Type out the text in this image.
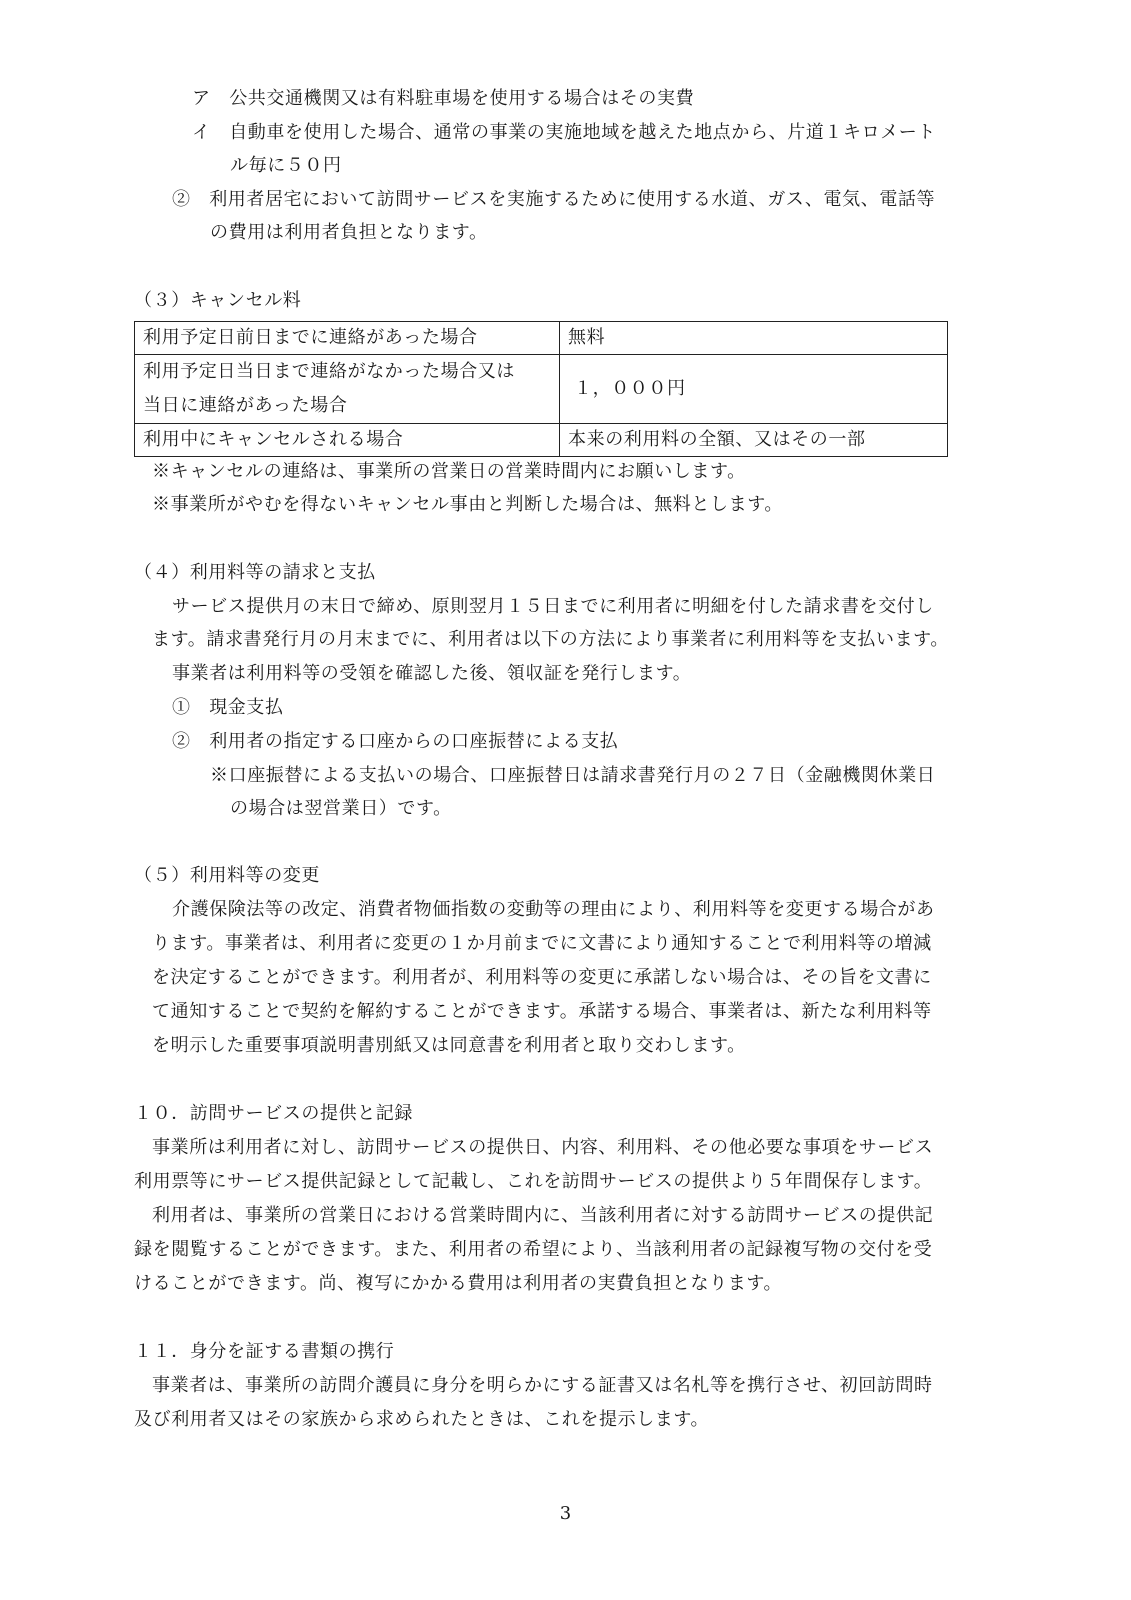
ア　公共交通機関又は有料駐車場を使用する場合はその実費
イ　自動車を使用した場合、通常の事業の実施地域を越えた地点から、片道１キロメート
ル毎に５０円
②　利用者居宅において訪問サービスを実施するために使用する水道、ガス、電気、電話等
の費用は利用者負担となります。
（３）キャンセル料
利用予定日前日までに連絡があった場合	無料

利用予定日当日まで連絡がなかった場合又は
当日に連絡があった場合	１，０００円
利用中にキャンセルされる場合	本来の利用料の全額、又はその一部
※キャンセルの連絡は、事業所の営業日の営業時間内にお願いします。
※事業所がやむを得ないキャンセル事由と判断した場合は、無料とします。
（４）利用料等の請求と支払
サービス提供月の末日で締め、原則翌月１５日までに利用者に明細を付した請求書を交付し
ます。請求書発行月の月末までに、利用者は以下の方法により事業者に利用料等を支払います。
事業者は利用料等の受領を確認した後、領収証を発行します。
①　現金支払
②　利用者の指定する口座からの口座振替による支払
※口座振替による支払いの場合、口座振替日は請求書発行月の２７日（金融機関休業日
の場合は翌営業日）です。
（５）利用料等の変更
介護保険法等の改定、消費者物価指数の変動等の理由により、利用料等を変更する場合があ
ります。事業者は、利用者に変更の１か月前までに文書により通知することで利用料等の増減
を決定することができます。利用者が、利用料等の変更に承諾しない場合は、その旨を文書に
て通知することで契約を解約することができます。承諾する場合、事業者は、新たな利用料等
を明示した重要事項説明書別紙又は同意書を利用者と取り交わします。
１０．訪問サービスの提供と記録
事業所は利用者に対し、訪問サービスの提供日、内容、利用料、その他必要な事項をサービス
利用票等にサービス提供記録として記載し、これを訪問サービスの提供より５年間保存します。
利用者は、事業所の営業日における営業時間内に、当該利用者に対する訪問サービスの提供記
録を閲覧することができます。また、利用者の希望により、当該利用者の記録複写物の交付を受
けることができます。尚、複写にかかる費用は利用者の実費負担となります。
１１．身分を証する書類の携行
事業者は、事業所の訪問介護員に身分を明らかにする証書又は名札等を携行させ、初回訪問時
及び利用者又はその家族から求められたときは、これを提示します。
3
